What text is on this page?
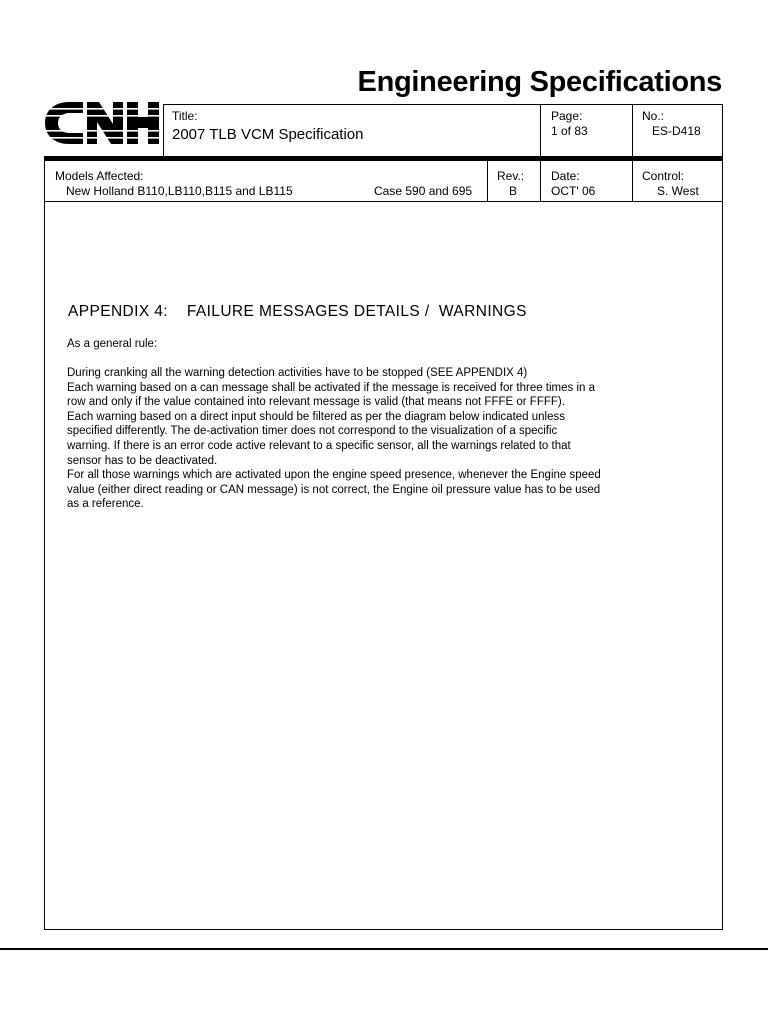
Engineering Specifications
Title:
2007 TLB VCM Specification
Page:
1 of 83
No.:
ES-D418
Models Affected:
New Holland B110,LB110,B115 and LB115	Case 590 and 695
Rev.:
B
Date:
OCT' 06
Control:
S. West
APPENDIX 4:    FAILURE MESSAGES DETAILS /  WARNINGS
As a general rule:
During cranking all the warning detection activities have to be stopped (SEE APPENDIX 4)
Each warning based on a can message shall be activated if the message is received for three times in a
row and only if the value contained into relevant message is valid (that means not FFFE or FFFF).
Each warning based on a direct input should be filtered as per the diagram below indicated unless
specified differently. The de-activation timer does not correspond to the visualization of a specific
warning. If there is an error code active relevant to a specific sensor, all the warnings related to that
sensor has to be deactivated.
For all those warnings which are activated upon the engine speed presence, whenever the Engine speed
value (either direct reading or CAN message) is not correct, the Engine oil pressure value has to be used
as a reference.
